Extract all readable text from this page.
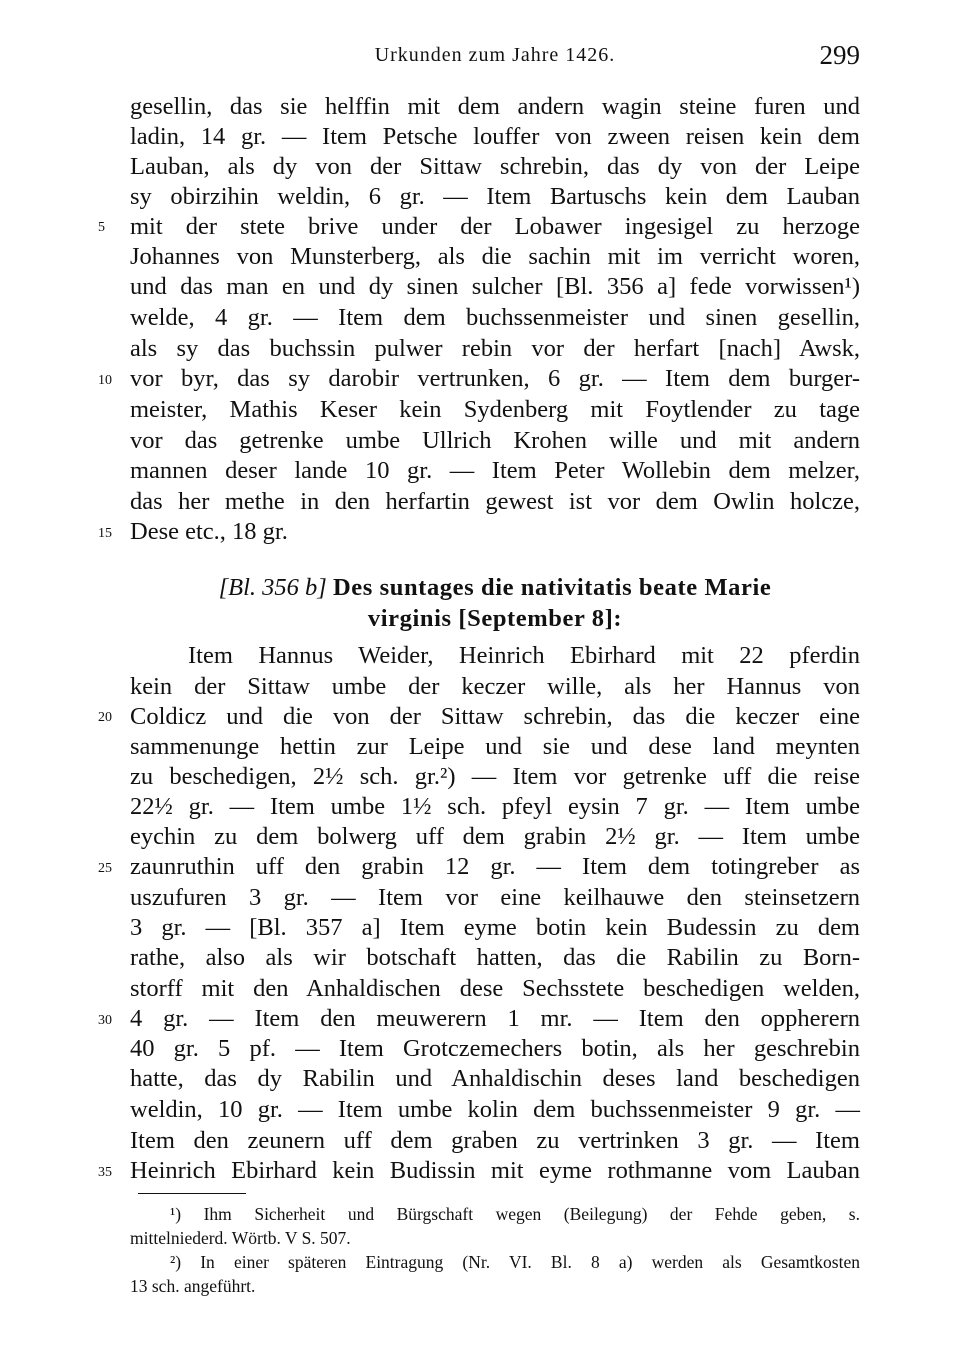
Urkunden zum Jahre 1426.	299
gesellin, das sie helffin mit dem andern wagin steine furen und
ladin, 14 gr. — Item Petsche louffer von zween reisen kein dem
Lauban, als dy von der Sittaw schrebin, das dy von der Leipe
sy obirzihin weldin, 6 gr. — Item Bartuschs kein dem Lauban
5	mit der stete brive under der Lobawer ingesigel zu herzoge
Johannes von Munsterberg, als die sachin mit im verricht woren,
und das man en und dy sinen sulcher [Bl. 356 a] fede vorwissen¹)
welde, 4 gr. — Item dem buchssenmeister und sinen gesellin,
als sy das buchssin pulwer rebin vor der herfart [nach] Awsk,
10 vor byr, das sy darobir vertrunken, 6 gr. — Item dem burger-
meister, Mathis Keser kein Sydenberg mit Foytlender zu tage
vor das getrenke umbe Ullrich Krohen wille und mit andern
mannen deser lande 10 gr. — Item Peter Wollebin dem melzer,
das her methe in den herfartin gewest ist vor dem Owlin holcze,
15 Dese etc., 18 gr.
[Bl. 356 b] Des suntages die nativitatis beate Marie
virginis [September 8]:
Item Hannus Weider, Heinrich Ebirhard mit 22 pferdin
kein der Sittaw umbe der keczer wille, als her Hannus von
20 Coldicz und die von der Sittaw schrebin, das die keczer eine
sammenunge hettin zur Leipe und sie und dese land meynten
zu beschedigen, 2½ sch. gr.²) — Item vor getrenke uff die reise
22½ gr. — Item umbe 1½ sch. pfeyl eysin 7 gr. — Item umbe
eychin zu dem bolwerg uff dem grabin 2½ gr. — Item umbe
25 zaunruthin uff den grabin 12 gr. — Item dem totingreber as
uszufuren 3 gr. — Item vor eine keilhauwe den steinsetzern
3 gr. — [Bl. 357 a] Item eyme botin kein Budessin zu dem
rathe, also als wir botschaft hatten, das die Rabilin zu Born-
storff mit den Anhaldischen dese Sechsstete beschedigen welden,
30 4 gr. — Item den meuwerern 1 mr. — Item den oppherern
40 gr. 5 pf. — Item Grotczemechers botin, als her geschrebin
hatte, das dy Rabilin und Anhaldischin deses land beschedigen
weldin, 10 gr. — Item umbe kolin dem buchssenmeister 9 gr. —
Item den zeunern uff dem graben zu vertrinken 3 gr. — Item
35 Heinrich Ebirhard kein Budissin mit eyme rothmanne vom Lauban
¹) Ihm Sicherheit und Bürgschaft wegen (Beilegung) der Fehde geben, s.
mittelniederd. Wörtb. V S. 507.
²) In einer späteren Eintragung (Nr. VI. Bl. 8 a) werden als Gesamtkosten
13 sch. angeführt.
